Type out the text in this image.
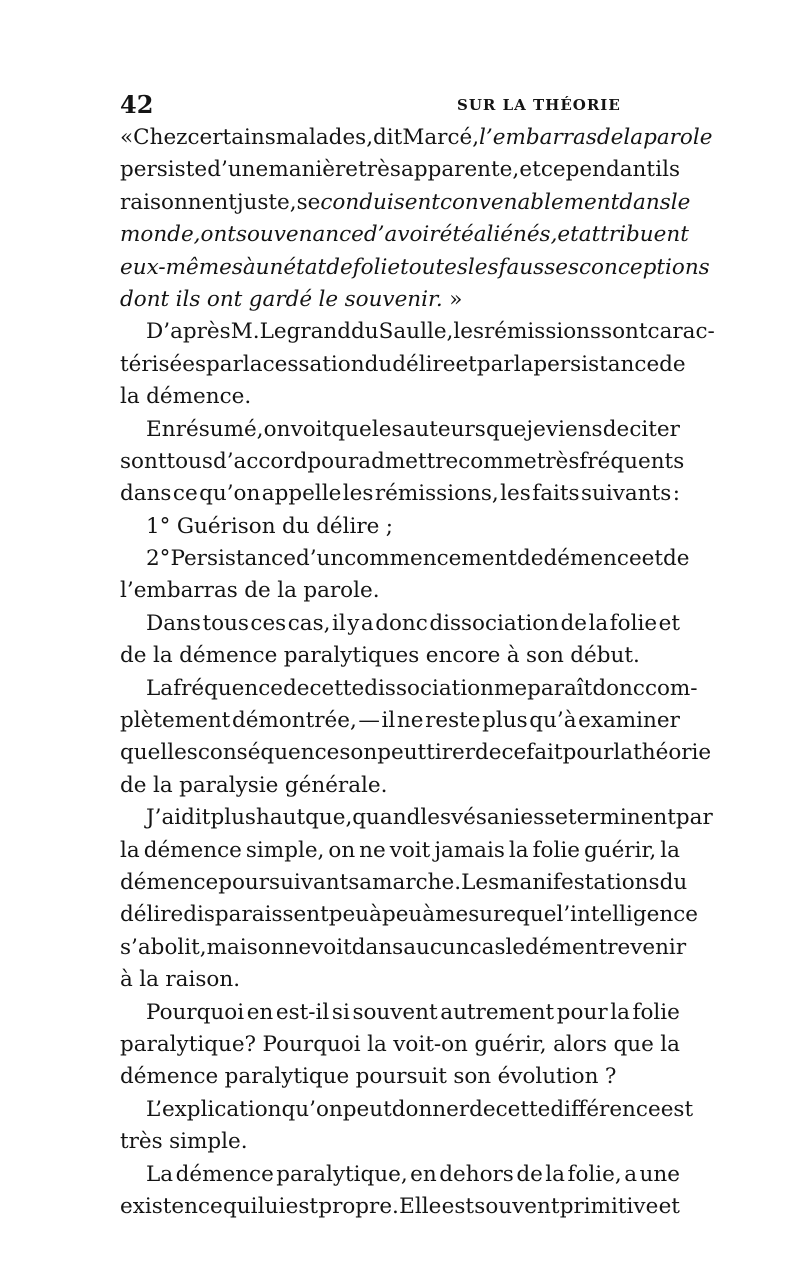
42	SUR LA THÉORIE
«Chez certains malades, dit Marcé, l’embarras de la parole
persiste d’une manière très apparente, et cependant ils
raisonnent juste, se conduisent convenablement dans le
monde, ont souvenance d’avoir été aliénés, et attribuent
eux-mêmes à un état de folie toutes les fausses conceptions
dont ils ont gardé le souvenir. »
D’après M. Legrand du Saulle, les rémissions sont carac-
térisées par la cessation du délire et par la persistance de
la démence.
En résumé, on voit que les auteurs que je viens de citer
sont tous d’accord pour admettre comme très fréquents
dans ce qu’on appelle les rémissions, les faits suivants :
1° Guérison du délire ;
2° Persistance d’un commencement de démence et de
l’embarras de la parole.
Dans tous ces cas, il y a donc dissociation de la folie et
de la démence paralytiques encore à son début.
La fréquence de cette dissociation me paraît donc com-
plètement démontrée, — il ne reste plus qu’à examiner
quelles conséquences on peut tirer de ce fait pour la théorie
de la paralysie générale.
J’ai dit plus haut que, quand les vésanies se terminent par
la démence simple, on ne voit jamais la folie guérir, la
démence poursuivant sa marche. Les manifestations du
délire disparaissent peu à peu à mesure que l’intelligence
s’abolit, mais on ne voit dans aucun cas le dément revenir
à la raison.
Pourquoi en est-il si souvent autrement pour la folie
paralytique? Pourquoi la voit-on guérir, alors que la
démence paralytique poursuit son évolution ?
L’explication qu’on peut donner de cette différence est
très simple.
La démence paralytique, en dehors de la folie, a une
existence qui lui est propre. Elle est souvent primitive et
